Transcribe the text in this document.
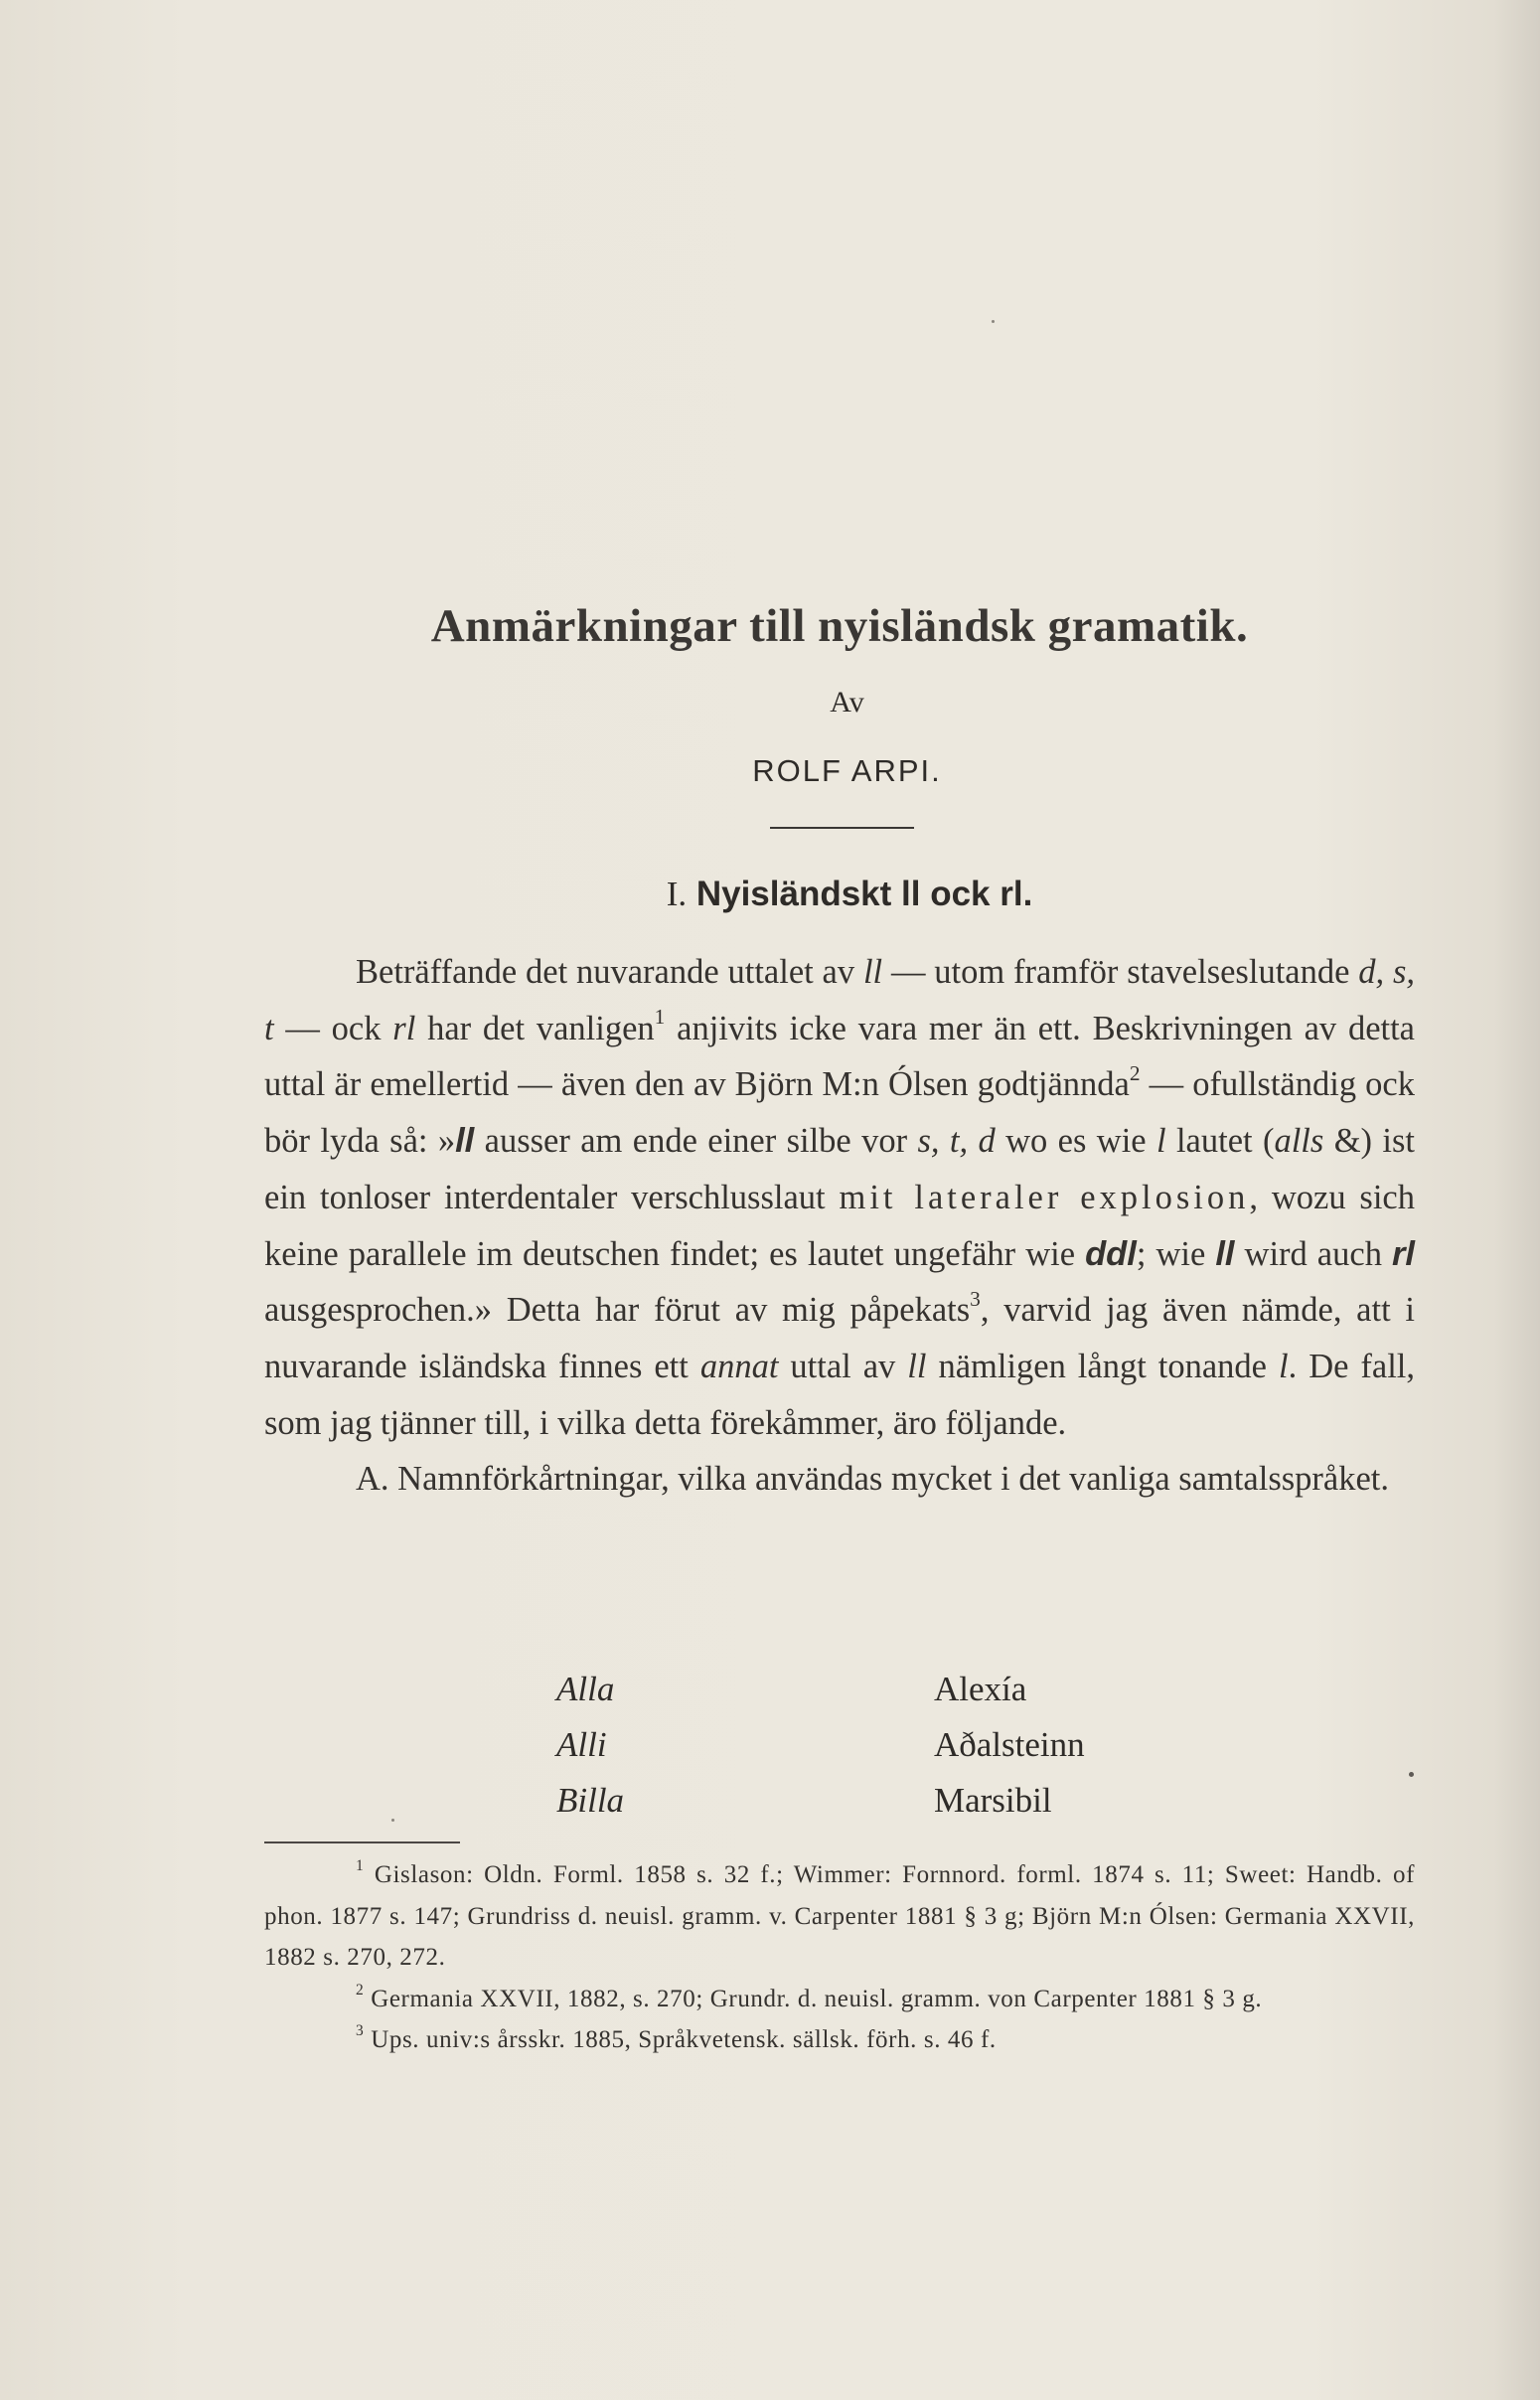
Anmärkningar till nyisländsk gramatik.
Av
ROLF ARPI.
I. Nyisländskt ll ock rl.

Beträffande det nuvarande uttalet av ll — utom framför stavelseslutande d, s, t — ock rl har det vanligen$^1$ anjivits icke vara mer än ett. Beskrivningen av detta uttal är emellertid — även den av Björn M:n Ólsen godtjännda$^2$ — ofullständig ock bör lyda så: »ll ausser am ende einer silbe vor s, t, d wo es wie l lautet (alls &) ist ein tonloser interdentaler verschlusslaut mit lateraler explosion, wozu sich keine parallele im deutschen findet; es lautet ungefähr wie ddl; wie ll wird auch rl ausgesprochen.» Detta har förut av mig påpekats$^3$, varvid jag även nämde, att i nuvarande isländska finnes ett annat uttal av ll nämligen långt tonande l. De fall, som jag tjänner till, i vilka detta förekåmmer, äro följande.

A. Namnförkårtningar, vilka användas mycket i det vanliga samtalsspråket.

Alla	Alexía
Alli	Aðalsteinn
Billa	Marsibil

$^1$ Gislason: Oldn. Forml. 1858 s. 32 f.; Wimmer: Fornnord. forml. 1874 s. 11; Sweet: Handb. of phon. 1877 s. 147; Grundriss d. neuisl. gramm. v. Carpenter 1881 § 3 g; Björn M:n Ólsen: Germania XXVII, 1882 s. 270, 272.

$^2$ Germania XXVII, 1882, s. 270; Grundr. d. neuisl. gramm. von Carpenter 1881 § 3 g.

$^3$ Ups. univ:s årsskr. 1885, Språkvetensk. sällsk. förh. s. 46 f.
